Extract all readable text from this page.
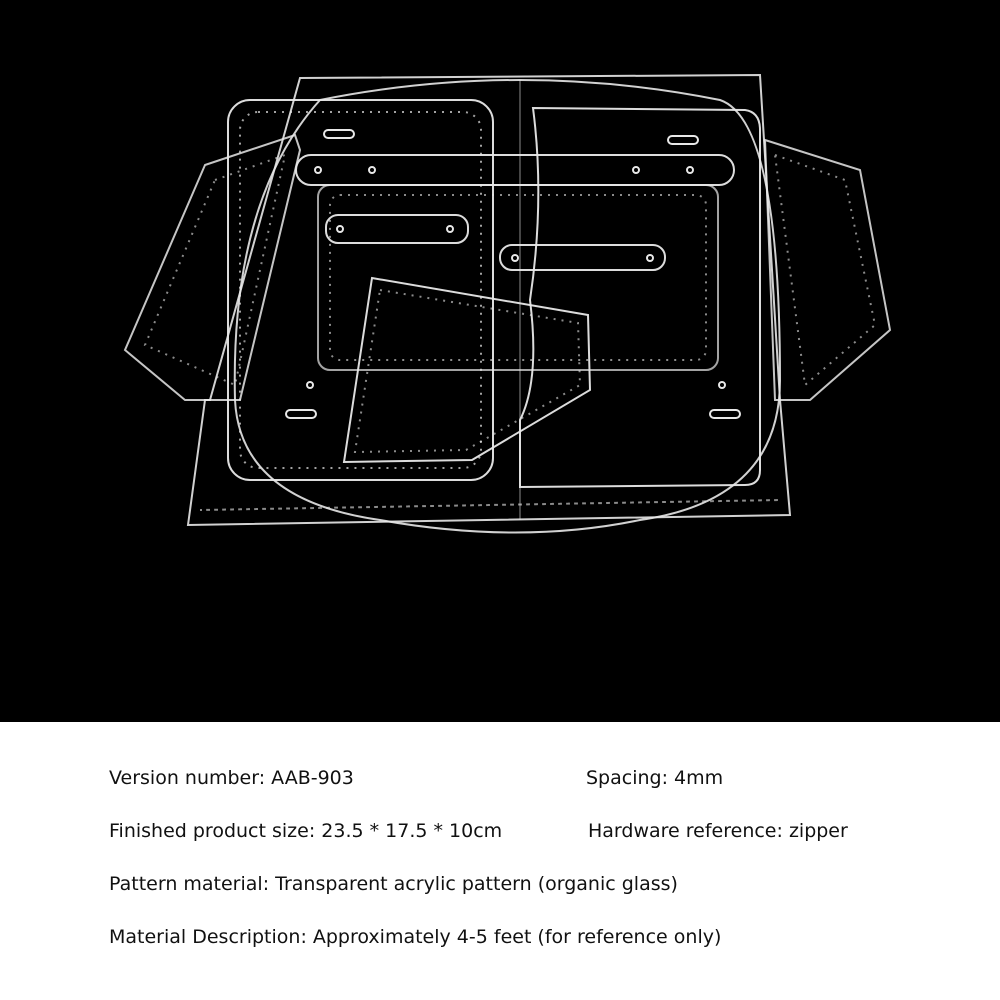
Version number: AAB-903	Spacing: 4mm
Finished product size: 23.5 * 17.5 * 10cm	Hardware reference: zipper
Pattern material: Transparent acrylic pattern (organic glass)
Material Description: Approximately 4-5 feet (for reference only)
